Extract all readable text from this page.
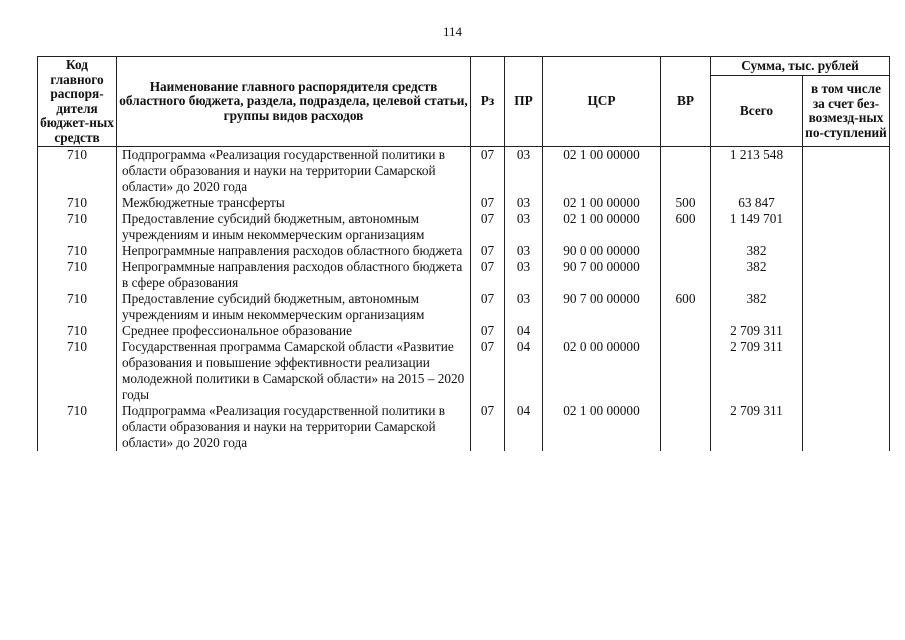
114
Код главного распоря-дителя бюджет-ных средств	Наименование главного распорядителя средств областного бюджета, раздела, подраздела, целевой статьи, группы видов расходов	Рз	ПР	ЦСР	ВР	Сумма, тыс. рублей	
						Всего	в том числе за счет без-возмезд-ных по-ступлений
710	Подпрограмма «Реализация государственной политики в области образования и науки на территории Самарской области» до 2020 года	07	03	02 1 00 00000		1 213 548	
710	Межбюджетные трансферты	07	03	02 1 00 00000	500	63 847	
710	Предоставление субсидий бюджетным, автономным учреждениям и иным некоммерческим организациям	07	03	02 1 00 00000	600	1 149 701	
710	Непрограммные направления расходов областного бюджета	07	03	90 0 00 00000		382	
710	Непрограммные направления расходов областного бюджета в сфере образования	07	03	90 7 00 00000		382	
710	Предоставление субсидий бюджетным, автономным учреждениям и иным некоммерческим организациям	07	03	90 7 00 00000	600	382	
710	Среднее профессиональное образование	07	04			2 709 311	
710	Государственная программа Самарской области «Развитие образования и повышение эффективности реализации молодежной политики в Самарской области» на 2015 – 2020 годы	07	04	02 0 00 00000		2 709 311	
710	Подпрограмма «Реализация государственной политики в области образования и науки на территории Самарской области» до 2020 года	07	04	02 1 00 00000		2 709 311	
